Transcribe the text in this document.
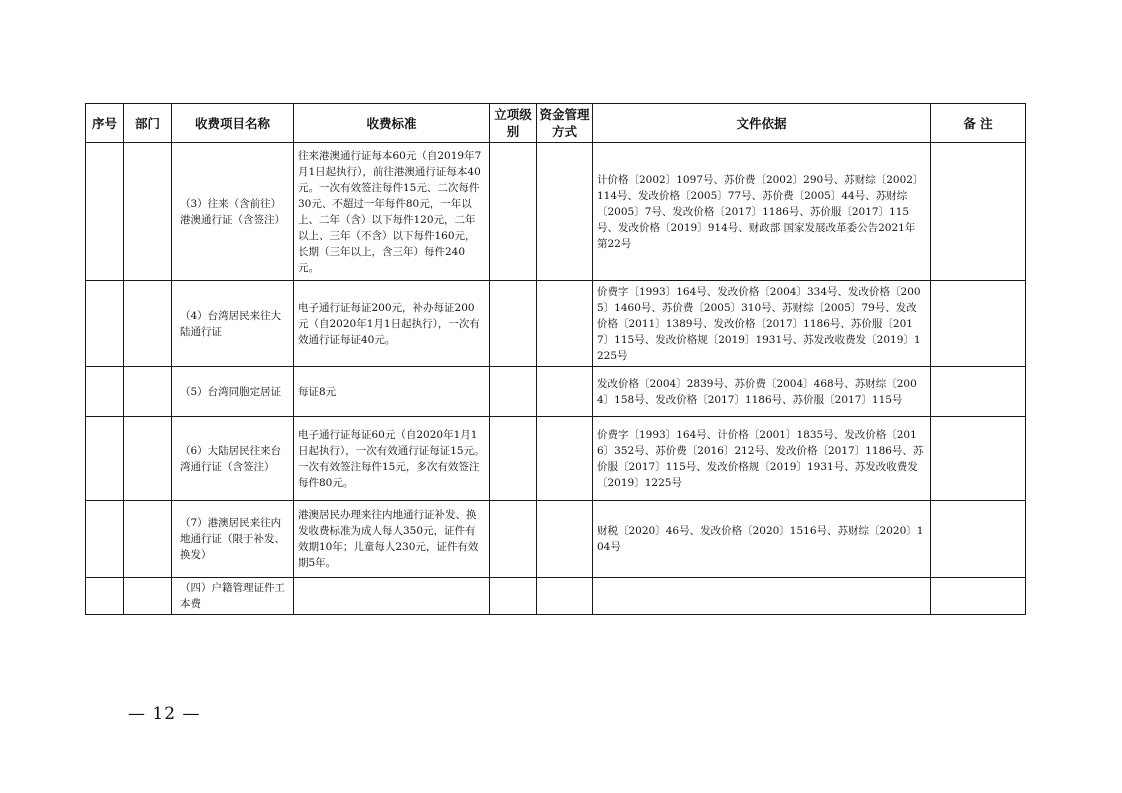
序号	部门	收费项目名称	收费标准	立项级别	资金管理方式	文件依据	备 注
		（3）往来（含前往）港澳通行证（含签注）	往来港澳通行证每本60元（自2019年7月1日起执行），前往港澳通行证每本40元。一次有效签注每件15元、二次每件30元、不超过一年每件80元，一年以上、二年（含）以下每件120元，二年以上、三年（不含）以下每件160元，长期（三年以上，含三年）每件240元。			计价格〔2002〕1097号、苏价费〔2002〕290号、苏财综〔2002〕114号、发改价格〔2005〕77号、苏价费〔2005〕44号、苏财综〔2005〕7号、发改价格〔2017〕1186号、苏价服〔2017〕115号、发改价格〔2019〕914号、财政部 国家发展改革委公告2021年第22号	
		（4）台湾居民来往大陆通行证	电子通行证每证200元，补办每证200元（自2020年1月1日起执行），一次有效通行证每证40元。			价费字〔1993〕164号、发改价格〔2004〕334号、发改价格〔2005〕1460号、苏价费〔2005〕310号、苏财综〔2005〕79号、发改价格〔2011〕1389号、发改价格〔2017〕1186号、苏价服〔2017〕115号、发改价格规〔2019〕1931号、苏发改收费发〔2019〕1225号	
		（5）台湾同胞定居证	每证8元			发改价格〔2004〕2839号、苏价费〔2004〕468号、苏财综〔2004〕158号、发改价格〔2017〕1186号、苏价服〔2017〕115号	
		（6）大陆居民往来台湾通行证（含签注）	电子通行证每证60元（自2020年1月1日起执行），一次有效通行证每证15元。一次有效签注每件15元，多次有效签注每件80元。			价费字〔1993〕164号、计价格〔2001〕1835号、发改价格〔2016〕352号、苏价费〔2016〕212号、发改价格〔2017〕1186号、苏价服〔2017〕115号、发改价格规〔2019〕1931号、苏发改收费发〔2019〕1225号	
		（7）港澳居民来往内地通行证（限于补发、换发）	港澳居民办理来往内地通行证补发、换发收费标准为成人每人350元，证件有效期10年；儿童每人230元，证件有效期5年。			财税〔2020〕46号、发改价格〔2020〕1516号、苏财综〔2020〕104号	
		（四）户籍管理证件工本费					
— 12 —
